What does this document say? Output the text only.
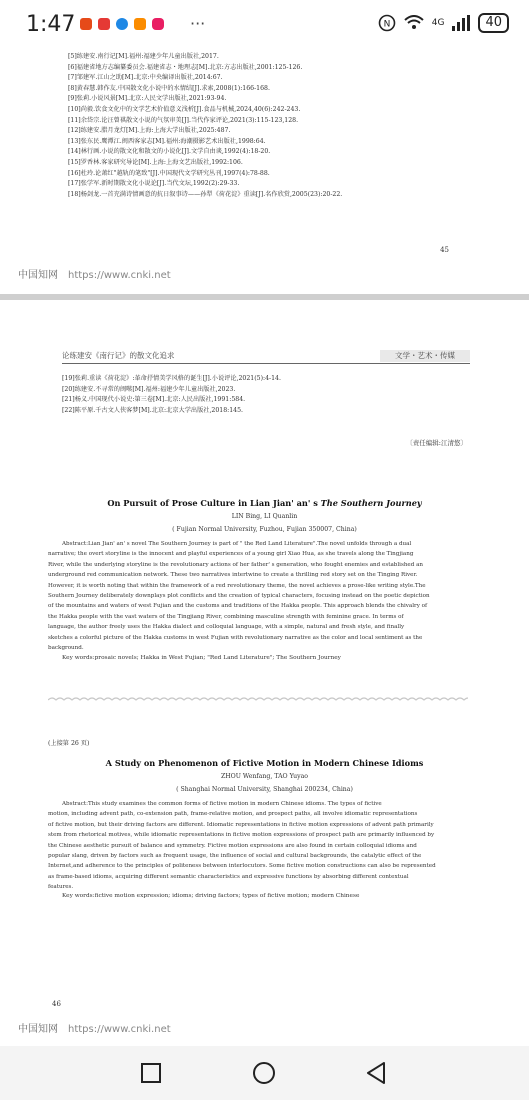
1:47	···	N	4G	40
[5]练建安.南行记[M].福州:福建少年儿童出版社,2017.
[6]福建省地方志编纂委员会.福建省志・地理志[M].北京:方志出版社,2001:125-126.
[7]邹建军.江山之助[M].北京:中央编译出版社,2014:67.
[8]黄春慧.韩作友.中国散文化小说中的水情结[J].求索,2008(1):166-168.
[9]张莉.小说风景[M].北京:人民文学出版社,2021:93-94.
[10]尚毅.饮食文化中的文学艺术价值意义浅析[J].食品与机械,2024,40(6):242-243.
[11]余岱宗.论汪曾祺散文小说的气氛审美[J].当代作家评论,2021(3):115-123,128.
[12]练建安.腊月龙灯[M].上海:上海大学出版社,2025:487.
[13]张东民.鹰潭江.闽西客家志[M].福州:海潮摄影艺术出版社,1998:64.
[14]林行画.小说的散文化和散文的小说化[J].文学自由谈,1992(4):18-20.
[15]罗香林.客家研究导论[M].上海:上海文艺出版社,1992:106.
[16]杜玲.论萧红"越轨的笔致"[J].中国现代文学研究丛刊,1997(4):78-88.
[17]张学军.新时期散文化小说论[J].当代文坛,1992(2):29-33.
[18]杨剑龙.一首充满诗情画意的抗日叙事诗——孙犁《荷花淀》重读[J].名作欣赏,2005(23):20-22.
45
中国知网 https://www.cnki.net
论练建安《南行记》的散文化追求	文学・艺术・传媒
[19]张莉.重读《荷花淀》:革命抒情美学风格的诞生[J].小说评论,2021(5):4-14.
[20]练建安.不寻常的闽啭[M].福州:福建少年儿童出版社,2023.
[21]杨义.中国现代小说史:第三卷[M].北京:人民出版社,1991:584.
[22]陈平原.千古文人侠客梦[M].北京:北京大学出版社,2018:145.
〔责任编辑:江清悠〕
On Pursuit of Prose Culture in Lian Jian' an' s The Southern Journey
LIN Bing, LI Quanlin
( Fujian Normal University, Fuzhou, Fujian 350007, China)
Abstract:Lian Jian' an' s novel The Southern Journey is part of " the Red Land Literature".The novel unfolds through a dual
narrative; the overt storyline is the innocent and playful experiences of a young girl Xiao Hua, as she travels along the Tingjiang
River, while the underlying storyline is the revolutionary actions of her father' s generation, who fought enemies and established an
underground red communication network. These two narratives intertwine to create a thrilling red story set on the Tinging River.
However, it is worth noting that within the framework of a red revolutionary theme, the novel achieves a prose-like writing style.The
Southern Journey deliberately downplays plot conflicts and the creation of typical characters, focusing instead on the poetic depiction
of the mountains and waters of west Fujian and the customs and traditions of the Hakka people. This approach blends the chivalry of
the Hakka people with the vast waters of the Tingjiang River, combining masculine strength with feminine grace. In terms of
language, the author freely uses the Hakka dialect and colloquial language, with a simple, natural and fresh style, and finally
sketches a colorful picture of the Hakka customs in west Fujian with revolutionary narrative as the color and local sentiment as the
background.
Key words:prosaic novels; Hakka in West Fujian; "Red Land Literature"; The Southern Journey
(上接第 26 页)
A Study on Phenomenon of Fictive Motion in Modern Chinese Idioms
ZHOU Wenfang, TAO Yuyao
( Shanghai Normal University, Shanghai 200234, China)
Abstract:This study examines the common forms of fictive motion in modern Chinese idioms. The types of fictive
motion, including advent path, co-extension path, frame-relative motion, and prospect paths, all involve idiomatic representations
of fictive motion, but their driving factors are different. Idiomatic representations in fictive motion expressions of advent path primarily
stem from rhetorical motives, while idiomatic representations in fictive motion expressions of prospect path are primarily influenced by
the Chinese aesthetic pursuit of balance and symmetry. Fictive motion expressions are also found in certain colloquial idioms and
popular slang, driven by factors such as frequent usage, the influence of social and cultural backgrounds, the catalytic effect of the
Internet,and adherence to the principles of politeness between interlocutors. Some fictive motion constructions can also be represented
as frame-based idioms, acquiring different semantic characteristics and expressive functions by absorbing different contextual
features.
Key words:fictive motion expression; idioms; driving factors; types of fictive motion; modern Chinese
46
中国知网 https://www.cnki.net
